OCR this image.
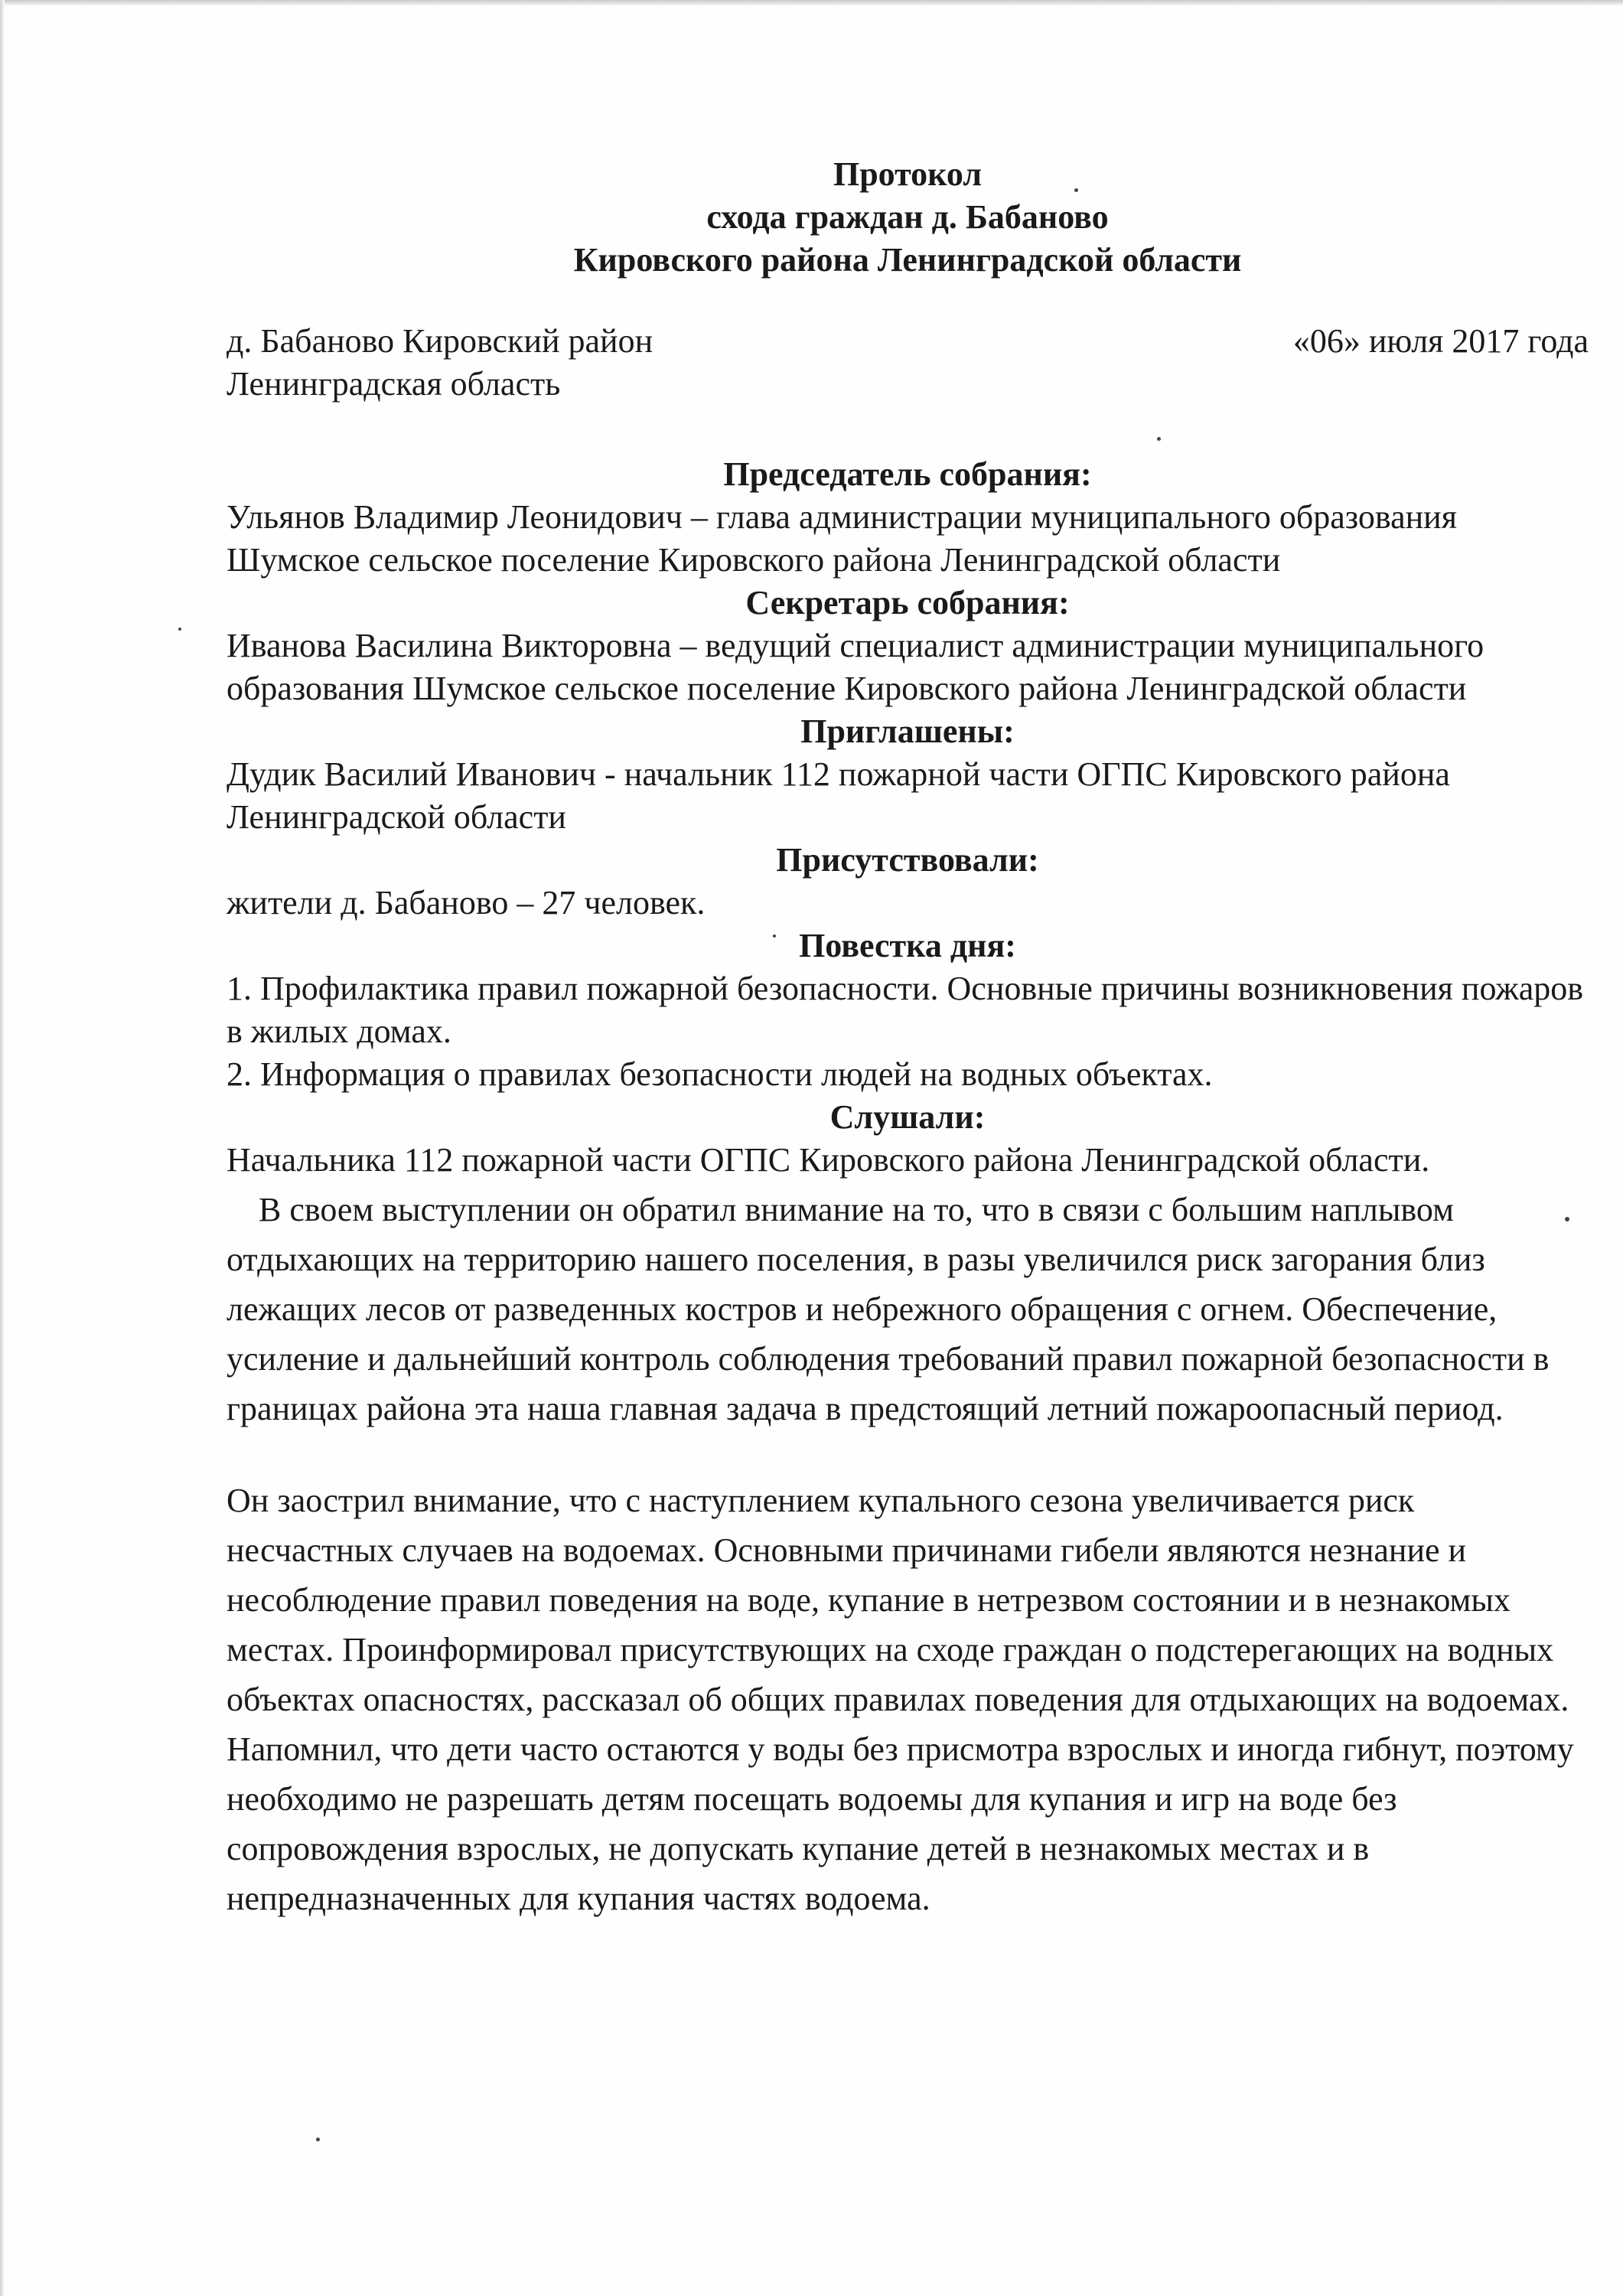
Протокол

схода граждан д. Бабаново

Кировского района Ленинградской области

д. Бабаново Кировский район
Ленинградская область
«06» июля 2017 года

Председатель собрания:

Ульянов Владимир Леонидович – глава администрации муниципального образования Шумское сельское поселение Кировского района Ленинградской области

Секретарь собрания:

Иванова Василина Викторовна – ведущий специалист администрации муниципального образования Шумское сельское поселение Кировского района Ленинградской области

Приглашены:

Дудик Василий Иванович - начальник 112 пожарной части ОГПС Кировского района Ленинградской области

Присутствовали:

жители д. Бабаново – 27 человек.

Повестка дня:

1. Профилактика правил пожарной безопасности. Основные причины возникновения пожаров в жилых домах.

2. Информация о правилах безопасности людей на водных объектах.

Слушали:

Начальника 112 пожарной части ОГПС Кировского района Ленинградской области.

В своем выступлении он обратил внимание на то, что в связи с большим наплывом отдыхающих на территорию нашего поселения, в разы увеличился риск загорания близ лежащих лесов от разведенных костров и небрежного обращения с огнем. Обеспечение, усиление и дальнейший контроль соблюдения требований правил пожарной безопасности в границах района эта наша главная задача в предстоящий летний пожароопасный период.

Он заострил внимание, что с наступлением купального сезона увеличивается риск несчастных случаев на водоемах. Основными причинами гибели являются незнание и несоблюдение правил поведения на воде, купание в нетрезвом состоянии и в незнакомых местах. Проинформировал присутствующих на сходе граждан о подстерегающих на водных объектах опасностях, рассказал об общих правилах поведения для отдыхающих на водоемах. Напомнил, что дети часто остаются у воды без присмотра взрослых и иногда гибнут, поэтому необходимо не разрешать детям посещать водоемы для купания и игр на воде без сопровождения взрослых, не допускать купание детей в незнакомых местах и в непредназначенных для купания частях водоема.
